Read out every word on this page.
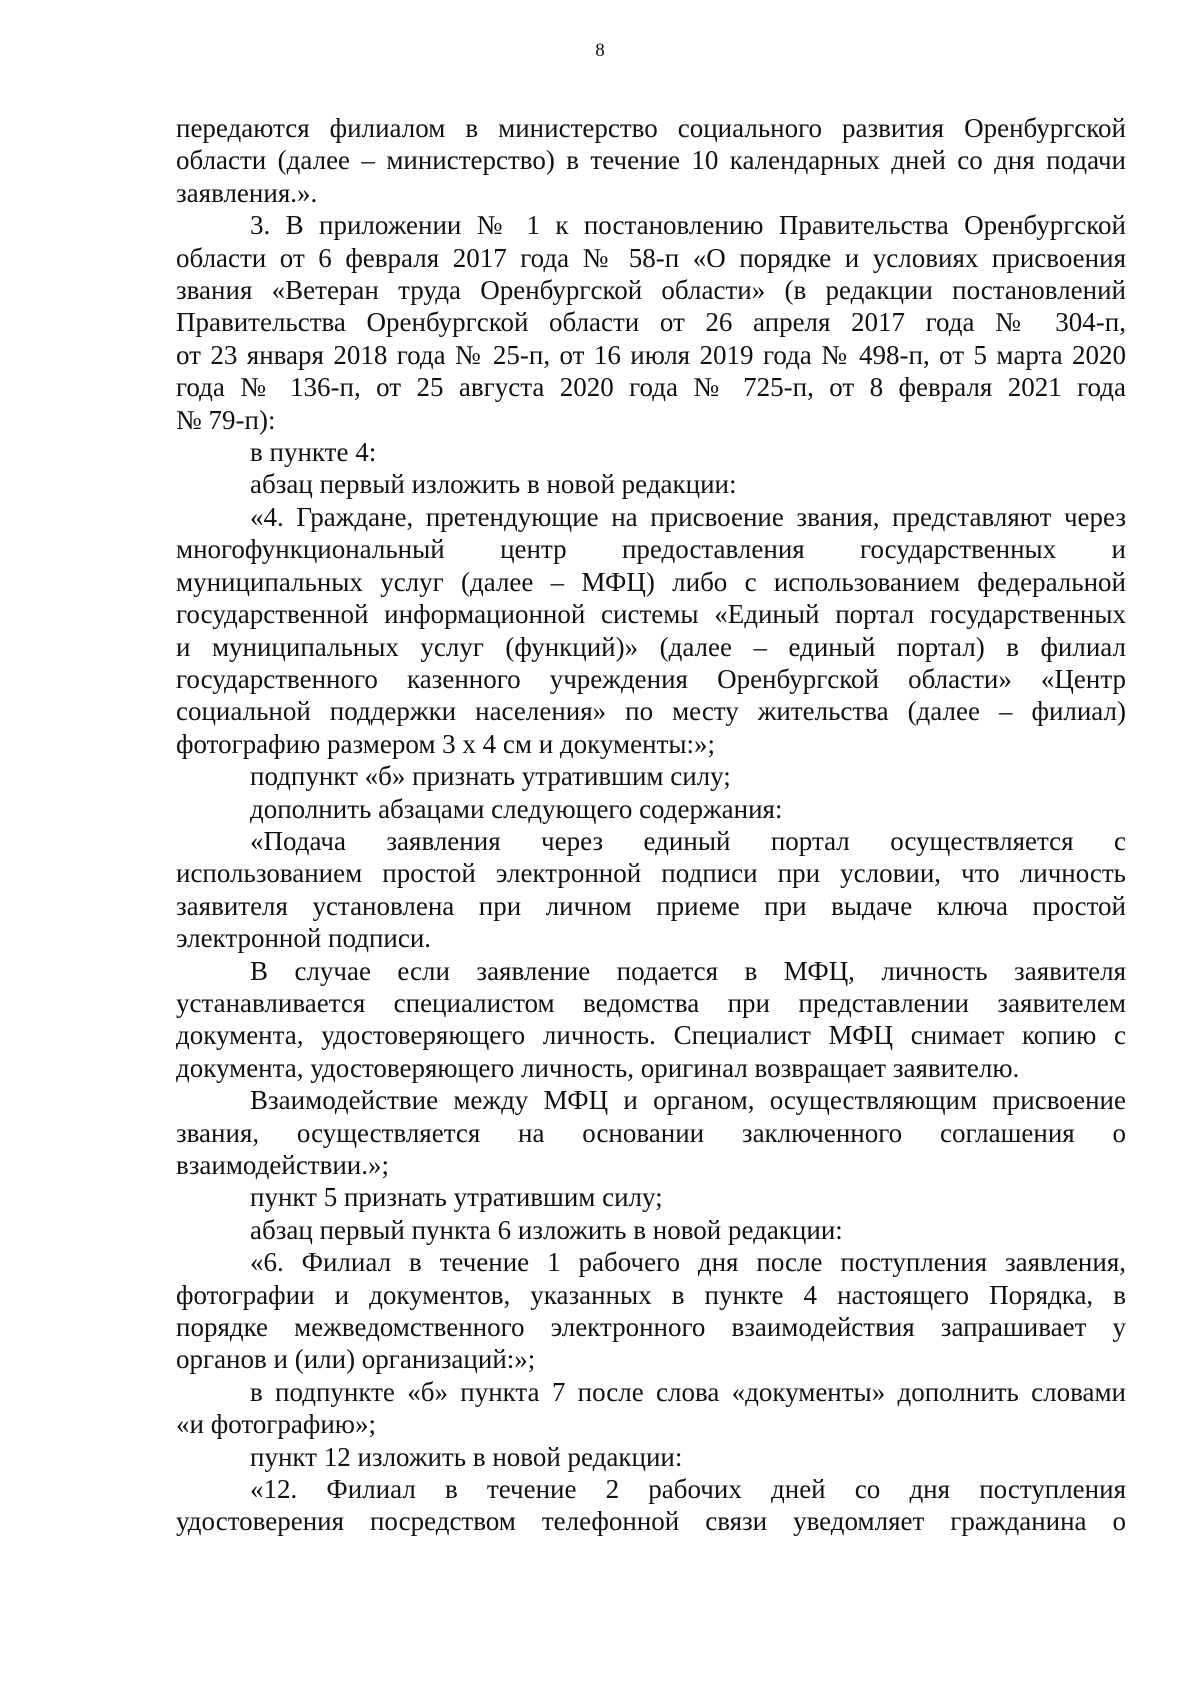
8

передаются филиалом в министерство социального развития Оренбургской

области (далее – министерство) в течение 10 календарных дней со дня подачи

заявления.».

3. В приложении № 1 к постановлению Правительства Оренбургской

области от 6 февраля 2017 года № 58-п «О порядке и условиях присвоения

звания «Ветеран труда Оренбургской области» (в редакции постановлений

Правительства Оренбургской области от 26 апреля 2017 года № 304-п,

от 23 января 2018 года № 25-п, от 16 июля 2019 года № 498-п, от 5 марта 2020

года № 136-п, от 25 августа 2020 года № 725-п, от 8 февраля 2021 года

№ 79-п):

в пункте 4:

абзац первый изложить в новой редакции:

«4. Граждане, претендующие на присвоение звания, представляют через

многофункциональный центр предоставления государственных и

муниципальных услуг (далее – МФЦ) либо с использованием федеральной

государственной информационной системы «Единый портал государственных

и муниципальных услуг (функций)» (далее – единый портал) в филиал

государственного казенного учреждения Оренбургской области» «Центр

социальной поддержки населения» по месту жительства (далее – филиал)

фотографию размером 3 х 4 см и документы:»;

подпункт «б» признать утратившим силу;

дополнить абзацами следующего содержания:

«Подача заявления через единый портал осуществляется с

использованием простой электронной подписи при условии, что личность

заявителя установлена при личном приеме при выдаче ключа простой

электронной подписи.

В случае если заявление подается в МФЦ, личность заявителя

устанавливается специалистом ведомства при представлении заявителем

документа, удостоверяющего личность. Специалист МФЦ снимает копию с

документа, удостоверяющего личность, оригинал возвращает заявителю.

Взаимодействие между МФЦ и органом, осуществляющим присвоение

звания, осуществляется на основании заключенного соглашения о

взаимодействии.»;

пункт 5 признать утратившим силу;

абзац первый пункта 6 изложить в новой редакции:

«6. Филиал в течение 1 рабочего дня после поступления заявления,

фотографии и документов, указанных в пункте 4 настоящего Порядка, в

порядке межведомственного электронного взаимодействия запрашивает у

органов и (или) организаций:»;

в подпункте «б» пункта 7 после слова «документы» дополнить словами

«и фотографию»;

пункт 12 изложить в новой редакции:

«12. Филиал в течение 2 рабочих дней со дня поступления

удостоверения посредством телефонной связи уведомляет гражданина о
